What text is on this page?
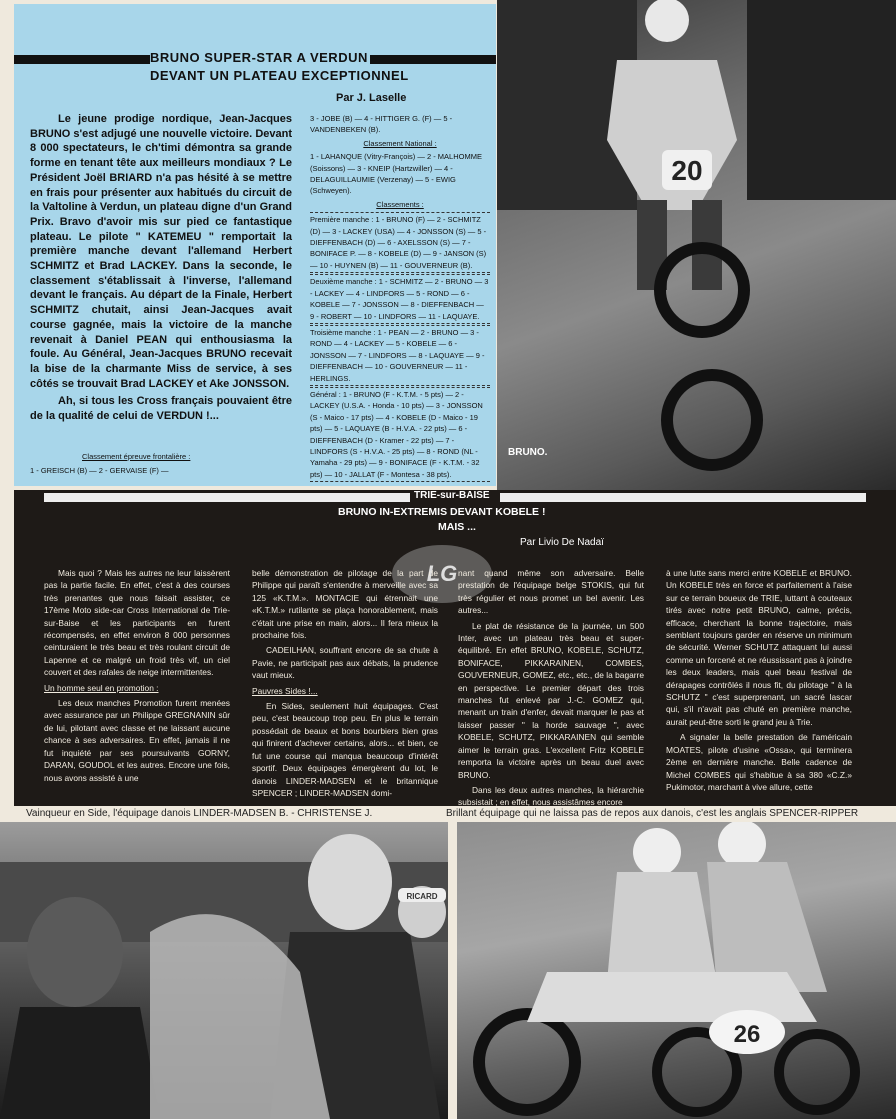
BRUNO SUPER-STAR A VERDUN
DEVANT UN PLATEAU EXCEPTIONNEL
Par J. Laselle

Le jeune prodige nordique, Jean-Jacques BRUNO s'est adjugé une nouvelle victoire. Devant 8 000 spectateurs, le ch'timi démontra sa grande forme en tenant tête aux meilleurs mondiaux ? Le Président Joël BRIARD n'a pas hésité à se mettre en frais pour présenter aux habitués du circuit de la Valtoline à Verdun, un plateau digne d'un Grand Prix. Bravo d'avoir mis sur pied ce fantastique plateau. Le pilote " KATEMEU " remportait la première manche devant l'allemand Herbert SCHMITZ et Brad LACKEY. Dans la seconde, le classement s'établissait à l'inverse, l'allemand devant le français. Au départ de la Finale, Herbert SCHMITZ chutait, ainsi Jean-Jacques avait course gagnée, mais la victoire de la manche revenait à Daniel PEAN qui enthousiasma la foule. Au Général, Jean-Jacques BRUNO recevait la bise de la charmante Miss de service, à ses côtés se trouvait Brad LACKEY et Ake JONSSON.

Ah, si tous les Cross français pouvaient être de la qualité de celui de VERDUN !...

Classement épreuve frontalière :
1 - GREISCH (B) — 2 - GERVAISE (F) —
3 - JOBE (B) — 4 - HITTIGER G. (F) — 5 - VANDENBEKEN (B).
Classement National :
1 - LAHANQUE (Vitry-François) — 2 - MALHOMME (Soissons) — 3 - KNEIP (Hartzwiller) — 4 - DELAGUILLAUMIE (Verzenay) — 5 - EWIG (Schweyen).
Classements :
Première manche : 1 - BRUNO (F) — 2 - SCHMITZ (D) — 3 - LACKEY (USA) — 4 - JONSSON (S) — 5 - DIEFFENBACH (D) — 6 - AXELSSON (S) — 7 - BONIFACE P. — 8 - KOBELE (D) — 9 - JANSON (S) — 10 - HUYNEN (B) — 11 - GOUVERNEUR (B).
Deuxième manche : 1 - SCHMITZ — 2 - BRUNO — 3 - LACKEY — 4 - LINDFORS — 5 - ROND — 6 - KOBELE — 7 - JONSSON — 8 - DIEFFENBACH — 9 - ROBERT — 10 - LINDFORS — 11 - LAQUAYE.
Troisième manche : 1 - PEAN — 2 - BRUNO — 3 - ROND — 4 - LACKEY — 5 - KOBELE — 6 - JONSSON — 7 - LINDFORS — 8 - LAQUAYE — 9 - DIEFFENBACH — 10 - GOUVERNEUR — 11 - HERLINGS.
Général : 1 - BRUNO (F - K.T.M. - 5 pts) — 2 - LACKEY (U.S.A. - Honda - 10 pts) — 3 - JONSSON (S - Maico - 17 pts) — 4 - KOBELE (D - Maico - 19 pts) — 5 - LAQUAYE (B - H.V.A. - 22 pts) — 6 - DIEFFENBACH (D - Kramer - 22 pts) — 7 - LINDFORS (S - H.V.A. - 25 pts) — 8 - ROND (NL - Yamaha - 29 pts) — 9 - BONIFACE (F - K.T.M. - 32 pts) — 10 - JALLAT (F - Montesa - 38 pts).
20
BRUNO.
TRIE-sur-BAISE
BRUNO IN-EXTREMIS DEVANT KOBELE !
MAIS ...
Par Livio De Nadaï
LG

Mais quoi ? Mais les autres ne leur laissèrent pas la partie facile. En effet, c'est à des courses très prenantes que nous faisait assister, ce 17ème Moto side-car Cross International de Trie-sur-Baise et les participants en furent récompensés, en effet environ 8 000 personnes ceinturaient le très beau et très roulant circuit de Lapenne et ce malgré un froid très vif, un ciel couvert et des rafales de neige intermittentes.

Un homme seul en promotion :

Les deux manches Promotion furent menées avec assurance par un Philippe GREGNANIN sûr de lui, pilotant avec classe et ne laissant aucune chance à ses adversaires. En effet, jamais il ne fut inquiété par ses poursuivants GORNY, DARAN, GOUDOL et les autres. Encore une fois, nous avons assisté à une

belle démonstration de pilotage de la part de Philippe qui paraît s'entendre à merveille avec sa 125 «K.T.M.». MONTACIE qui étrennait une «K.T.M.» rutilante se plaça honorablement, mais c'était une prise en main, alors... Il fera mieux la prochaine fois.

CADEILHAN, souffrant encore de sa chute à Pavie, ne participait pas aux débats, la prudence vaut mieux.

Pauvres Sides !...

En Sides, seulement huit équipages. C'est peu, c'est beaucoup trop peu. En plus le terrain possédait de beaux et bons bourbiers bien gras qui finirent d'achever certains, alors... et bien, ce fut une course qui manqua beaucoup d'intérêt sportif. Deux équipages émergèrent du lot, le danois LINDER-MADSEN et le britannique SPENCER ; LINDER-MADSEN domi-

nant quand même son adversaire. Belle prestation de l'équipage belge STOKIS, qui fut très régulier et nous promet un bel avenir. Les autres...

Le plat de résistance de la journée, un 500 Inter, avec un plateau très beau et super-équilibré. En effet BRUNO, KOBELE, SCHUTZ, BONIFACE, PIKKARAINEN, COMBES, GOUVERNEUR, GOMEZ, etc., etc., de la bagarre en perspective. Le premier départ des trois manches fut enlevé par J.-C. GOMEZ qui, menant un train d'enfer, devait marquer le pas et laisser passer " la horde sauvage ", avec KOBELE, SCHUTZ, PIKKARAINEN qui semble aimer le terrain gras. L'excellent Fritz KOBELE remporta la victoire après un beau duel avec BRUNO.

Dans les deux autres manches, la hiérarchie subsistait ; en effet, nous assistâmes encore

à une lutte sans merci entre KOBELE et BRUNO. Un KOBELE très en force et parfaitement à l'aise sur ce terrain boueux de TRIE, luttant à couteaux tirés avec notre petit BRUNO, calme, précis, efficace, cherchant la bonne trajectoire, mais semblant toujours garder en réserve un minimum de sécurité. Werner SCHUTZ attaquant lui aussi comme un forcené et ne réussissant pas à joindre les deux leaders, mais quel beau festival de dérapages contrôlés il nous fit, du pilotage " à la SCHUTZ " c'est superprenant, un sacré lascar qui, s'il n'avait pas chuté en première manche, aurait peut-être sorti le grand jeu à Trie.

A signaler la belle prestation de l'américain MOATES, pilote d'usine «Ossa», qui terminera 2ème en dernière manche. Belle cadence de Michel COMBES qui s'habitue à sa 380 «C.Z.» Pukimotor, marchant à vive allure, cette

Vainqueur en Side, l'équipage danois LINDER-MADSEN B. - CHRISTENSE J.	Brillant équipage qui ne laissa pas de repos aux danois, c'est les anglais SPENCER-RIPPER
RICARD
26
